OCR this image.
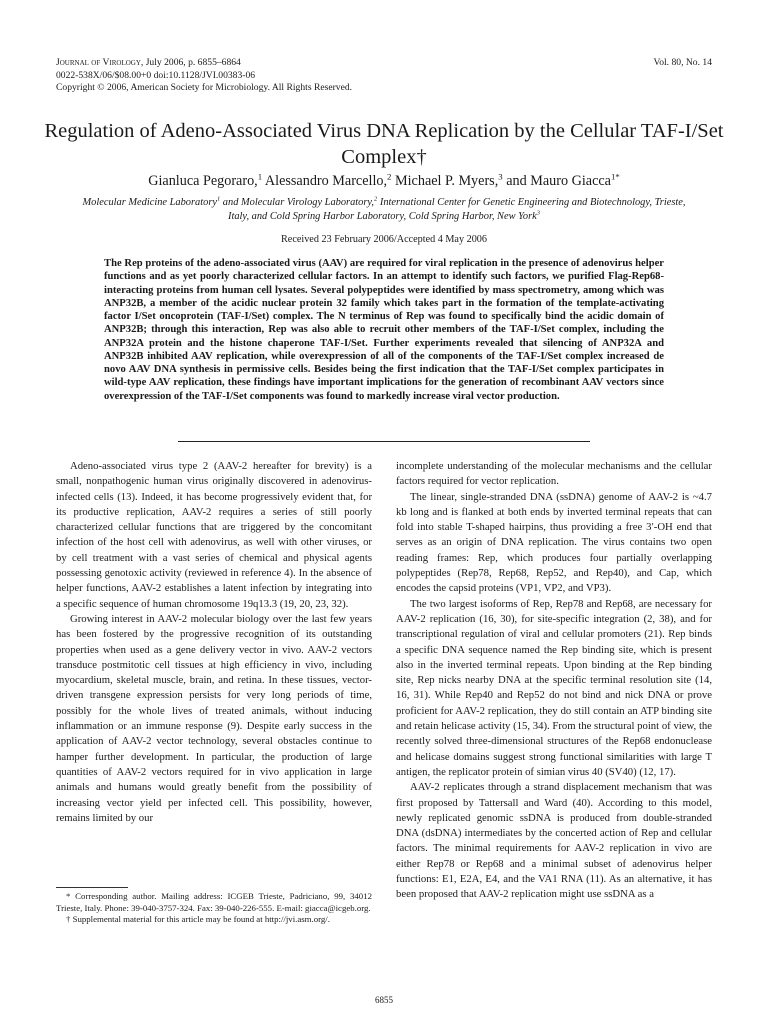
Journal of Virology, July 2006, p. 6855–6864
0022-538X/06/$08.00+0 doi:10.1128/JVI.00383-06
Copyright © 2006, American Society for Microbiology. All Rights Reserved.
Vol. 80, No. 14
Regulation of Adeno-Associated Virus DNA Replication by the Cellular TAF-I/Set Complex†
Gianluca Pegoraro,$^1$ Alessandro Marcello,$^2$ Michael P. Myers,$^3$ and Mauro Giacca$^{1*}$
Molecular Medicine Laboratory$^1$ and Molecular Virology Laboratory,$^2$ International Center for Genetic Engineering and Biotechnology, Trieste, Italy, and Cold Spring Harbor Laboratory, Cold Spring Harbor, New York$^3$
Received 23 February 2006/Accepted 4 May 2006

The Rep proteins of the adeno-associated virus (AAV) are required for viral replication in the presence of adenovirus helper functions and as yet poorly characterized cellular factors. In an attempt to identify such factors, we purified Flag-Rep68-interacting proteins from human cell lysates. Several polypeptides were identified by mass spectrometry, among which was ANP32B, a member of the acidic nuclear protein 32 family which takes part in the formation of the template-activating factor I/Set oncoprotein (TAF-I/Set) complex. The N terminus of Rep was found to specifically bind the acidic domain of ANP32B; through this interaction, Rep was also able to recruit other members of the TAF-I/Set complex, including the ANP32A protein and the histone chaperone TAF-I/Set. Further experiments revealed that silencing of ANP32A and ANP32B inhibited AAV replication, while overexpression of all of the components of the TAF-I/Set complex increased de novo AAV DNA synthesis in permissive cells. Besides being the first indication that the TAF-I/Set complex participates in wild-type AAV replication, these findings have important implications for the generation of recombinant AAV vectors since overexpression of the TAF-I/Set components was found to markedly increase viral vector production.

Adeno-associated virus type 2 (AAV-2 hereafter for brevity) is a small, nonpathogenic human virus originally discovered in adenovirus-infected cells (13). Indeed, it has become progressively evident that, for its productive replication, AAV-2 requires a series of still poorly characterized cellular functions that are triggered by the concomitant infection of the host cell with adenovirus, as well with other viruses, or by cell treatment with a vast series of chemical and physical agents possessing genotoxic activity (reviewed in reference 4). In the absence of helper functions, AAV-2 establishes a latent infection by integrating into a specific sequence of human chromosome 19q13.3 (19, 20, 23, 32).

Growing interest in AAV-2 molecular biology over the last few years has been fostered by the progressive recognition of its outstanding properties when used as a gene delivery vector in vivo. AAV-2 vectors transduce postmitotic cell tissues at high efficiency in vivo, including myocardium, skeletal muscle, brain, and retina. In these tissues, vector-driven transgene expression persists for very long periods of time, possibly for the whole lives of treated animals, without inducing inflammation or an immune response (9). Despite early success in the application of AAV-2 vector technology, several obstacles continue to hamper further development. In particular, the production of large quantities of AAV-2 vectors required for in vivo application in large animals and humans would greatly benefit from the possibility of increasing vector yield per infected cell. This possibility, however, remains limited by our

incomplete understanding of the molecular mechanisms and the cellular factors required for vector replication.

The linear, single-stranded DNA (ssDNA) genome of AAV-2 is ~4.7 kb long and is flanked at both ends by inverted terminal repeats that can fold into stable T-shaped hairpins, thus providing a free 3′-OH end that serves as an origin of DNA replication. The virus contains two open reading frames: Rep, which produces four partially overlapping polypeptides (Rep78, Rep68, Rep52, and Rep40), and Cap, which encodes the capsid proteins (VP1, VP2, and VP3).

The two largest isoforms of Rep, Rep78 and Rep68, are necessary for AAV-2 replication (16, 30), for site-specific integration (2, 38), and for transcriptional regulation of viral and cellular promoters (21). Rep binds a specific DNA sequence named the Rep binding site, which is present also in the inverted terminal repeats. Upon binding at the Rep binding site, Rep nicks nearby DNA at the specific terminal resolution site (14, 16, 31). While Rep40 and Rep52 do not bind and nick DNA or prove proficient for AAV-2 replication, they do still contain an ATP binding site and retain helicase activity (15, 34). From the structural point of view, the recently solved three-dimensional structures of the Rep68 endonuclease and helicase domains suggest strong functional similarities with large T antigen, the replicator protein of simian virus 40 (SV40) (12, 17).

AAV-2 replicates through a strand displacement mechanism that was first proposed by Tattersall and Ward (40). According to this model, newly replicated genomic ssDNA is produced from double-stranded DNA (dsDNA) intermediates by the concerted action of Rep and cellular factors. The minimal requirements for AAV-2 replication in vivo are either Rep78 or Rep68 and a minimal subset of adenovirus helper functions: E1, E2A, E4, and the VA1 RNA (11). As an alternative, it has been proposed that AAV-2 replication might use ssDNA as a

* Corresponding author. Mailing address: ICGEB Trieste, Padriciano, 99, 34012 Trieste, Italy. Phone: 39-040-3757-324. Fax: 39-040-226-555. E-mail: giacca@icgeb.org.

† Supplemental material for this article may be found at http://jvi.asm.org/.

6855
